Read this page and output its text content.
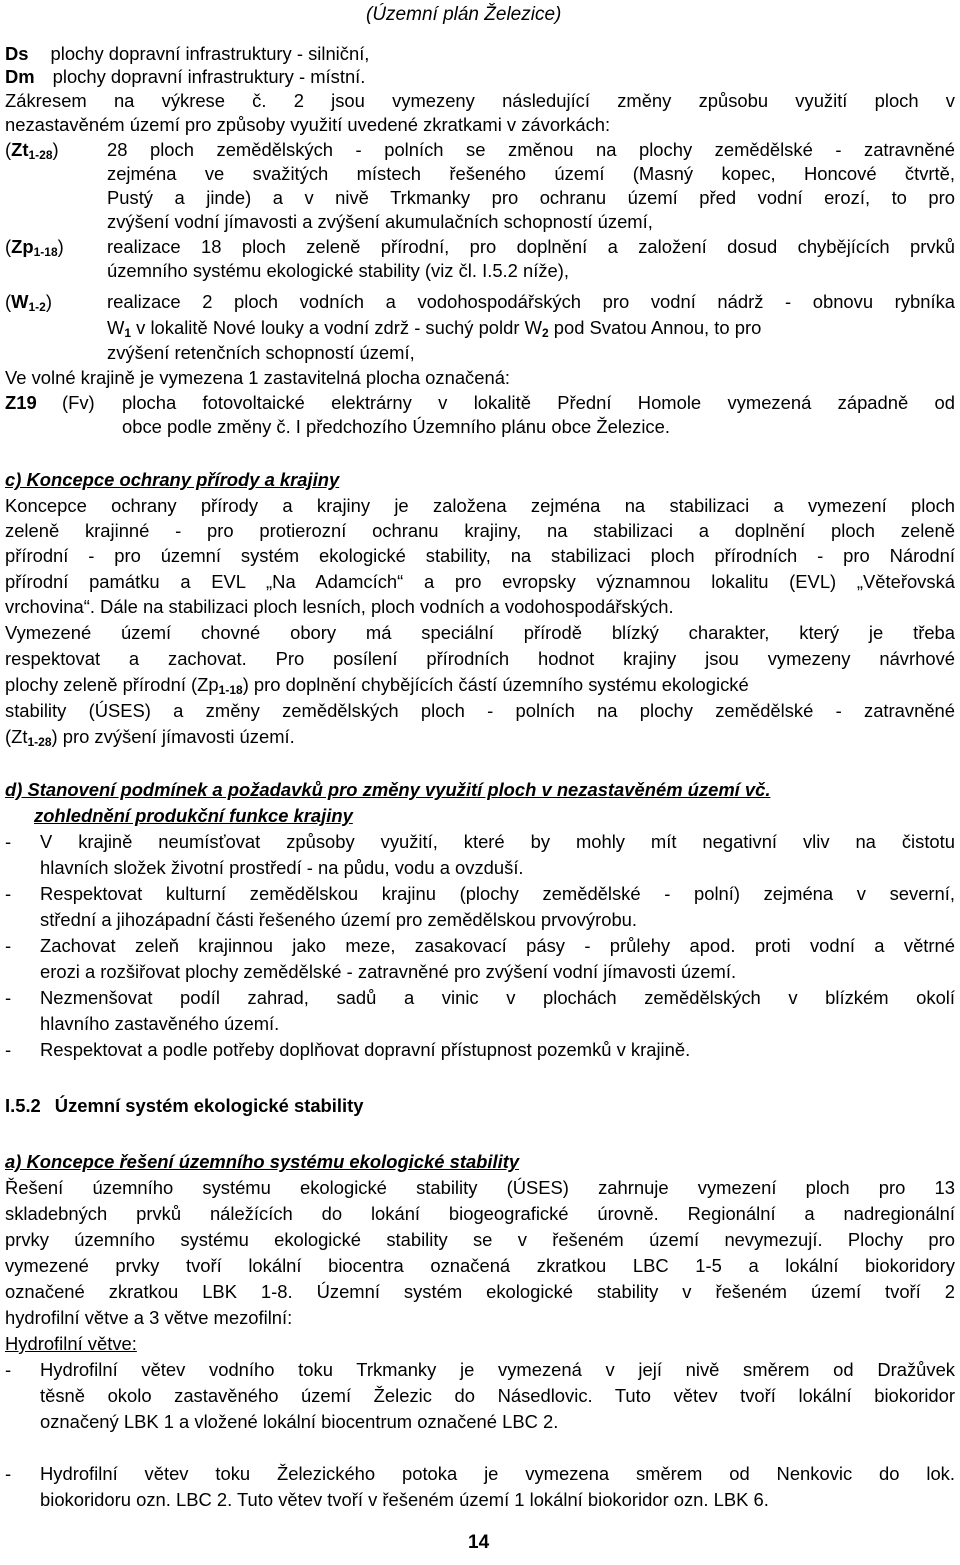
(Územní plán Železice)
Ds plochy dopravní infrastruktury - silniční,
Dm plochy dopravní infrastruktury - místní.
Zákresem na výkrese č. 2 jsou vymezeny následující změny způsobu využití ploch v
nezastavěném území pro způsoby využití uvedené zkratkami v závorkách:
$(Zt_{1-28})$	28 ploch zemědělských - polních se změnou na plochy zemědělské - zatravněné
zejména ve svažitých místech řešeného území (Masný kopec, Honcové čtvrtě,
Pustý a jinde) a v nivě Trkmanky pro ochranu území před vodní erozí, to pro
zvýšení vodní jímavosti a zvýšení akumulačních schopností území,
$(Zp_{1-18})$ realizace 18 ploch zeleně přírodní, pro doplnění a založení dosud chybějících prvků
územního systému ekologické stability (viz čl. I.5.2 níže),
$(W_{1-2})$	realizace 2 ploch vodních a vodohospodářských pro vodní nádrž - obnovu rybníka
$W_1$ v lokalitě Nové louky a vodní zdrž - suchý poldr $W_2$ pod Svatou Annou, to pro
zvýšení retenčních schopností území,
Ve volné krajině je vymezena 1 zastavitelná plocha označená:
Z19 (Fv) plocha fotovoltaické elektrárny v lokalitě Přední Homole vymezená západně od
obce podle změny č. I předchozího Územního plánu obce Železice.
c) Koncepce ochrany přírody a krajiny
Koncepce ochrany přírody a krajiny je založena zejména na stabilizaci a vymezení ploch
zeleně krajinné - pro protierozní ochranu krajiny, na stabilizaci a doplnění ploch zeleně
přírodní - pro územní systém ekologické stability, na stabilizaci ploch přírodních - pro Národní
přírodní památku a EVL „Na Adamcích“ a pro evropsky významnou lokalitu (EVL) „Věteřovská
vrchovina“. Dále na stabilizaci ploch lesních, ploch vodních a vodohospodářských.
Vymezené území chovné obory má speciální přírodě blízký charakter, který je třeba
respektovat a zachovat. Pro posílení přírodních hodnot krajiny jsou vymezeny návrhové
plochy zeleně přírodní $(Zp_{1-18})$ pro doplnění chybějících částí územního systému ekologické
stability (ÚSES) a změny zemědělských ploch - polních na plochy zemědělské - zatravněné
$(Zt_{1-28})$ pro zvýšení jímavosti území.
d) Stanovení podmínek a požadavků pro změny využití ploch v nezastavěném území vč.
zohlednění produkční funkce krajiny
- V krajině neumísťovat způsoby využití, které by mohly mít negativní vliv na čistotu
hlavních složek životní prostředí - na půdu, vodu a ovzduší.
- Respektovat kulturní zemědělskou krajinu (plochy zemědělské - polní) zejména v severní,
střední a jihozápadní části řešeného území pro zemědělskou prvovýrobu.
- Zachovat zeleň krajinnou jako meze, zasakovací pásy - průlehy apod. proti vodní a větrné
erozi a rozšiřovat plochy zemědělské - zatravněné pro zvýšení vodní jímavosti území.
- Nezmenšovat podíl zahrad, sadů a vinic v plochách zemědělských v blízkém okolí
hlavního zastavěného území.
- Respektovat a podle potřeby doplňovat dopravní přístupnost pozemků v krajině.
I.5.2 Územní systém ekologické stability
a) Koncepce řešení územního systému ekologické stability
Řešení územního systému ekologické stability (ÚSES) zahrnuje vymezení ploch pro 13
skladebných prvků náležících do lokání biogeografické úrovně. Regionální a nadregionální
prvky územního systému ekologické stability se v řešeném území nevymezují. Plochy pro
vymezené prvky tvoří lokální biocentra označená zkratkou LBC 1-5 a lokální biokoridory
označené zkratkou LBK 1-8. Územní systém ekologické stability v řešeném území tvoří 2
hydrofilní větve a 3 větve mezofilní:
Hydrofilní větve:
- Hydrofilní větev vodního toku Trkmanky je vymezená v její nivě směrem od Dražůvek
těsně okolo zastavěného území Železic do Násedlovic. Tuto větev tvoří lokální biokoridor
označený LBK 1 a vložené lokální biocentrum označené LBC 2.
- Hydrofilní větev toku Železického potoka je vymezena směrem od Nenkovic do lok.
biokoridoru ozn. LBC 2. Tuto větev tvoří v řešeném území 1 lokální biokoridor ozn. LBK 6.
14
